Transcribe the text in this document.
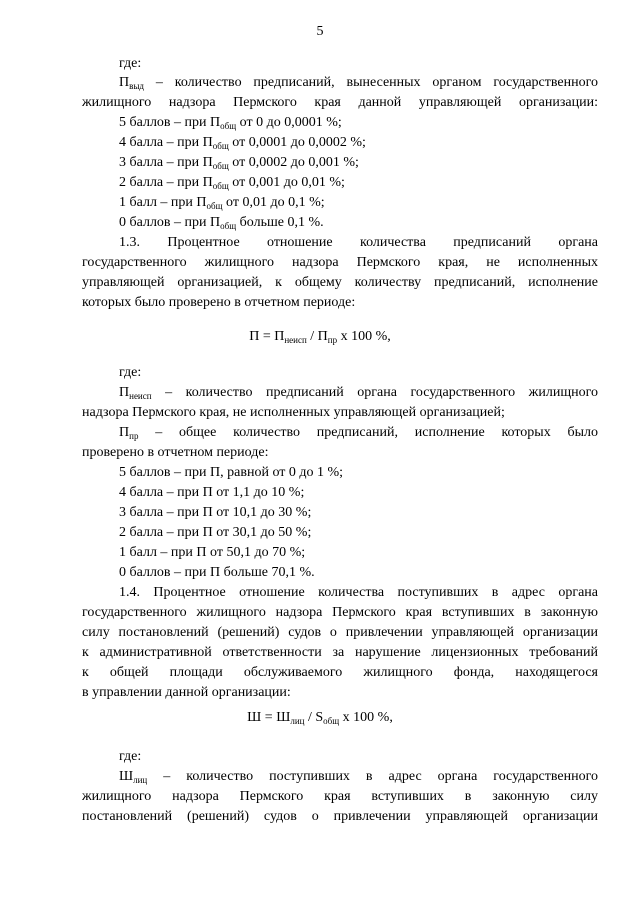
5
где:
$П_{выд}$ – количество предписаний, вынесенных органом государственного
жилищного надзора Пермского края данной управляющей организации:
5 баллов – при $П_{общ}$ от 0 до 0,0001 %;
4 балла – при $П_{общ}$ от 0,0001 до 0,0002 %;
3 балла – при $П_{общ}$ от 0,0002 до 0,001 %;
2 балла – при $П_{общ}$ от 0,001 до 0,01 %;
1 балл – при $П_{общ}$ от 0,01 до 0,1 %;
0 баллов – при $П_{общ}$ больше 0,1 %.
1.3. Процентное отношение количества предписаний органа
государственного жилищного надзора Пермского края, не исполненных
управляющей организацией, к общему количеству предписаний, исполнение
которых было проверено в отчетном периоде:
$П = П_{неисп} / П_{пр}$ x 100 %,
где:
$П_{неисп}$ – количество предписаний органа государственного жилищного
надзора Пермского края, не исполненных управляющей организацией;
$П_{пр}$ – общее количество предписаний, исполнение которых было
проверено в отчетном периоде:
5 баллов – при П, равной от 0 до 1 %;
4 балла – при П от 1,1 до 10 %;
3 балла – при П от 10,1 до 30 %;
2 балла – при П от 30,1 до 50 %;
1 балл – при П от 50,1 до 70 %;
0 баллов – при П больше 70,1 %.
1.4. Процентное отношение количества поступивших в адрес органа
государственного жилищного надзора Пермского края вступивших в законную
силу постановлений (решений) судов о привлечении управляющей организации
к административной ответственности за нарушение лицензионных требований
к общей площади обслуживаемого жилищного фонда, находящегося
в управлении данной организации:
$Ш = Ш_{лиц} / S_{общ}$ x 100 %,
где:
$Ш_{лиц}$ – количество поступивших в адрес органа государственного
жилищного надзора Пермского края вступивших в законную силу
постановлений (решений) судов о привлечении управляющей организации
